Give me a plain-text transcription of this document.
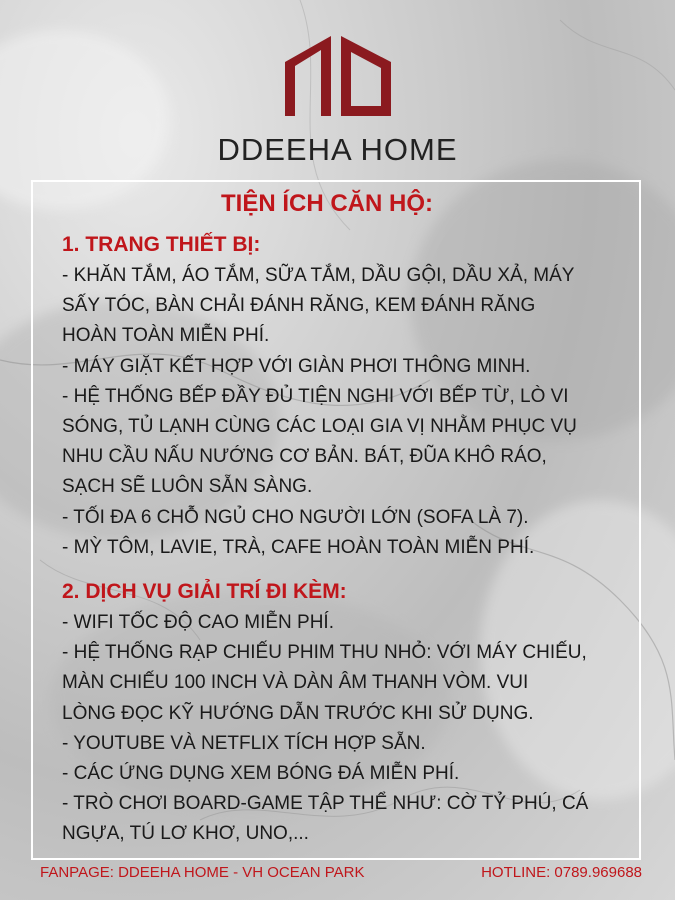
DDEEHA HOME
TIỆN ÍCH CĂN HỘ:
1. TRANG THIẾT BỊ:
- KHĂN TẮM, ÁO TẮM, SỮA TẮM, DẦU GỘI, DẦU XẢ, MÁY
SẤY TÓC, BÀN CHẢI ĐÁNH RĂNG, KEM ĐÁNH RĂNG
HOÀN TOÀN MIỄN PHÍ.
- MÁY GIẶT KẾT HỢP VỚI GIÀN PHƠI THÔNG MINH.
- HỆ THỐNG BẾP ĐẦY ĐỦ TIỆN NGHI VỚI BẾP TỪ, LÒ VI
SÓNG, TỦ LẠNH CÙNG CÁC LOẠI GIA VỊ NHẰM PHỤC VỤ
NHU CẦU NẤU NƯỚNG CƠ BẢN. BÁT, ĐŨA KHÔ RÁO,
SẠCH SẼ LUÔN SẴN SÀNG.
- TỐI ĐA 6 CHỖ NGỦ CHO NGƯỜI LỚN (SOFA LÀ 7).
- MỲ TÔM, LAVIE, TRÀ, CAFE HOÀN TOÀN MIỄN PHÍ.
2. DỊCH VỤ GIẢI TRÍ ĐI KÈM:
- WIFI TỐC ĐỘ CAO MIỄN PHÍ.
- HỆ THỐNG RẠP CHIẾU PHIM THU NHỎ: VỚI MÁY CHIẾU,
MÀN CHIẾU 100 INCH VÀ DÀN ÂM THANH VÒM. VUI
LÒNG ĐỌC KỸ HƯỚNG DẪN TRƯỚC KHI SỬ DỤNG.
- YOUTUBE VÀ NETFLIX TÍCH HỢP SẴN.
- CÁC ỨNG DỤNG XEM BÓNG ĐÁ MIỄN PHÍ.
- TRÒ CHƠI BOARD-GAME TẬP THỂ NHƯ: CỜ TỶ PHÚ, CÁ
NGỰA, TÚ LƠ KHƠ, UNO,...
FANPAGE: DDEEHA HOME - VH OCEAN PARK	HOTLINE: 0789.969688
